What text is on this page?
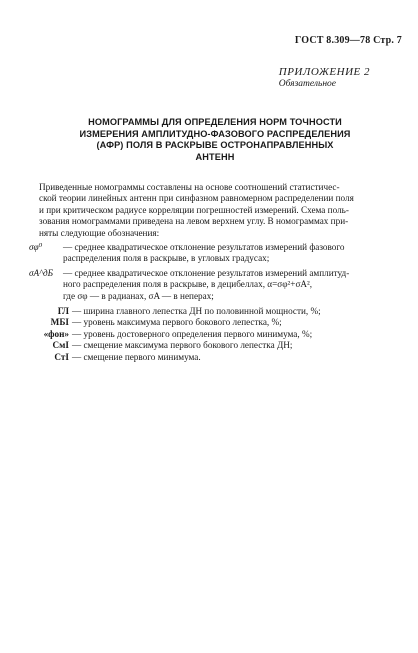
ГОСТ 8.309—78 Стр. 7
ПРИЛОЖЕНИЕ 2
Обязательное
НОМОГРАММЫ ДЛЯ ОПРЕДЕЛЕНИЯ НОРМ ТОЧНОСТИ
ИЗМЕРЕНИЯ АМПЛИТУДНО-ФАЗОВОГО РАСПРЕДЕЛЕНИЯ
(АФР) ПОЛЯ В РАСКРЫВЕ ОСТРОНАПРАВЛЕННЫХ
АНТЕНН
Приведенные номограммы составлены на основе соотношений статистичес-
ской теории линейных антенн при синфазном равномерном распределении поля
и при критическом радиусе корреляции погрешностей измерений. Схема поль-
зования номограммами приведена на левом верхнем углу. В номограммах при-
няты следующие обозначения:
σφ⁰	— среднее квадратическое отклонение результатов измерений фазового
распределения поля в раскрыве, в угловых градусах;
σA^дБ	— среднее квадратическое отклонение результатов измерений амплитуд-
ного распределения поля в раскрыве, в децибеллах, α=σφ²+σA²,
где σφ — в радианах, σA — в неперах;
ГЛ — ширина главного лепестка ДН по половинной мощности, %;
МБІ — уровень максимума первого бокового лепестка, %;
«фон» — уровень достоверного определения первого минимума, %;
СмІ — смещение максимума первого бокового лепестка ДН;
СтІ — смещение первого минимума.
